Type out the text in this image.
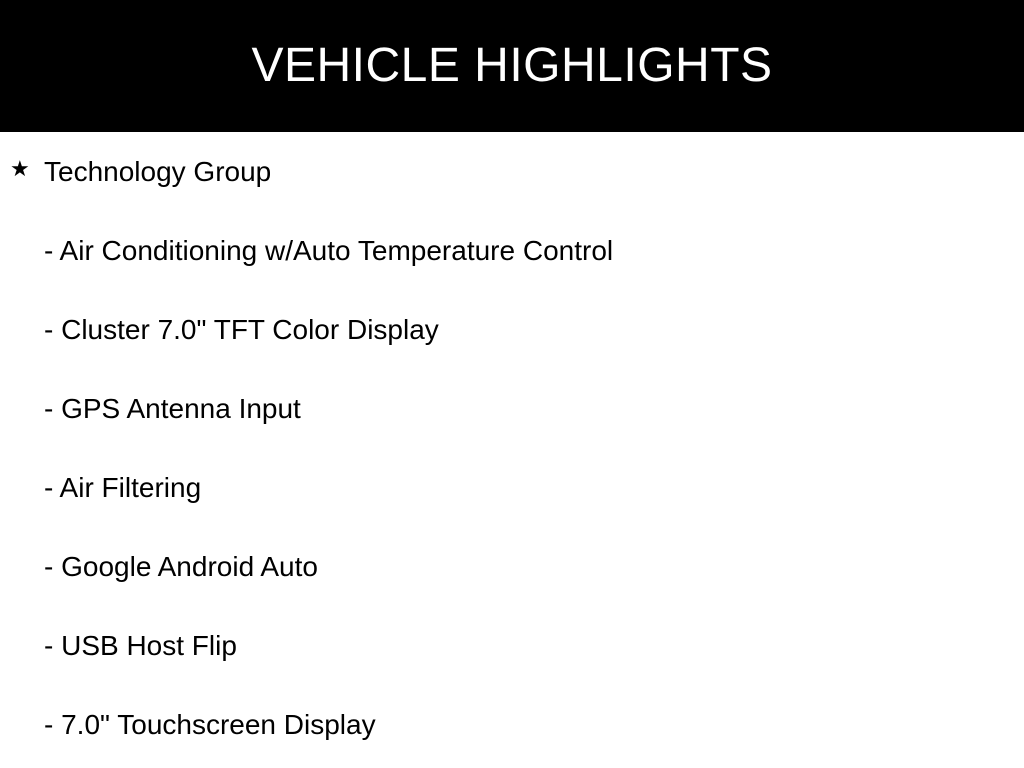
VEHICLE HIGHLIGHTS
★ Technology Group
- Air Conditioning w/Auto Temperature Control
- Cluster 7.0" TFT Color Display
- GPS Antenna Input
- Air Filtering
- Google Android Auto
- USB Host Flip
- 7.0" Touchscreen Display
